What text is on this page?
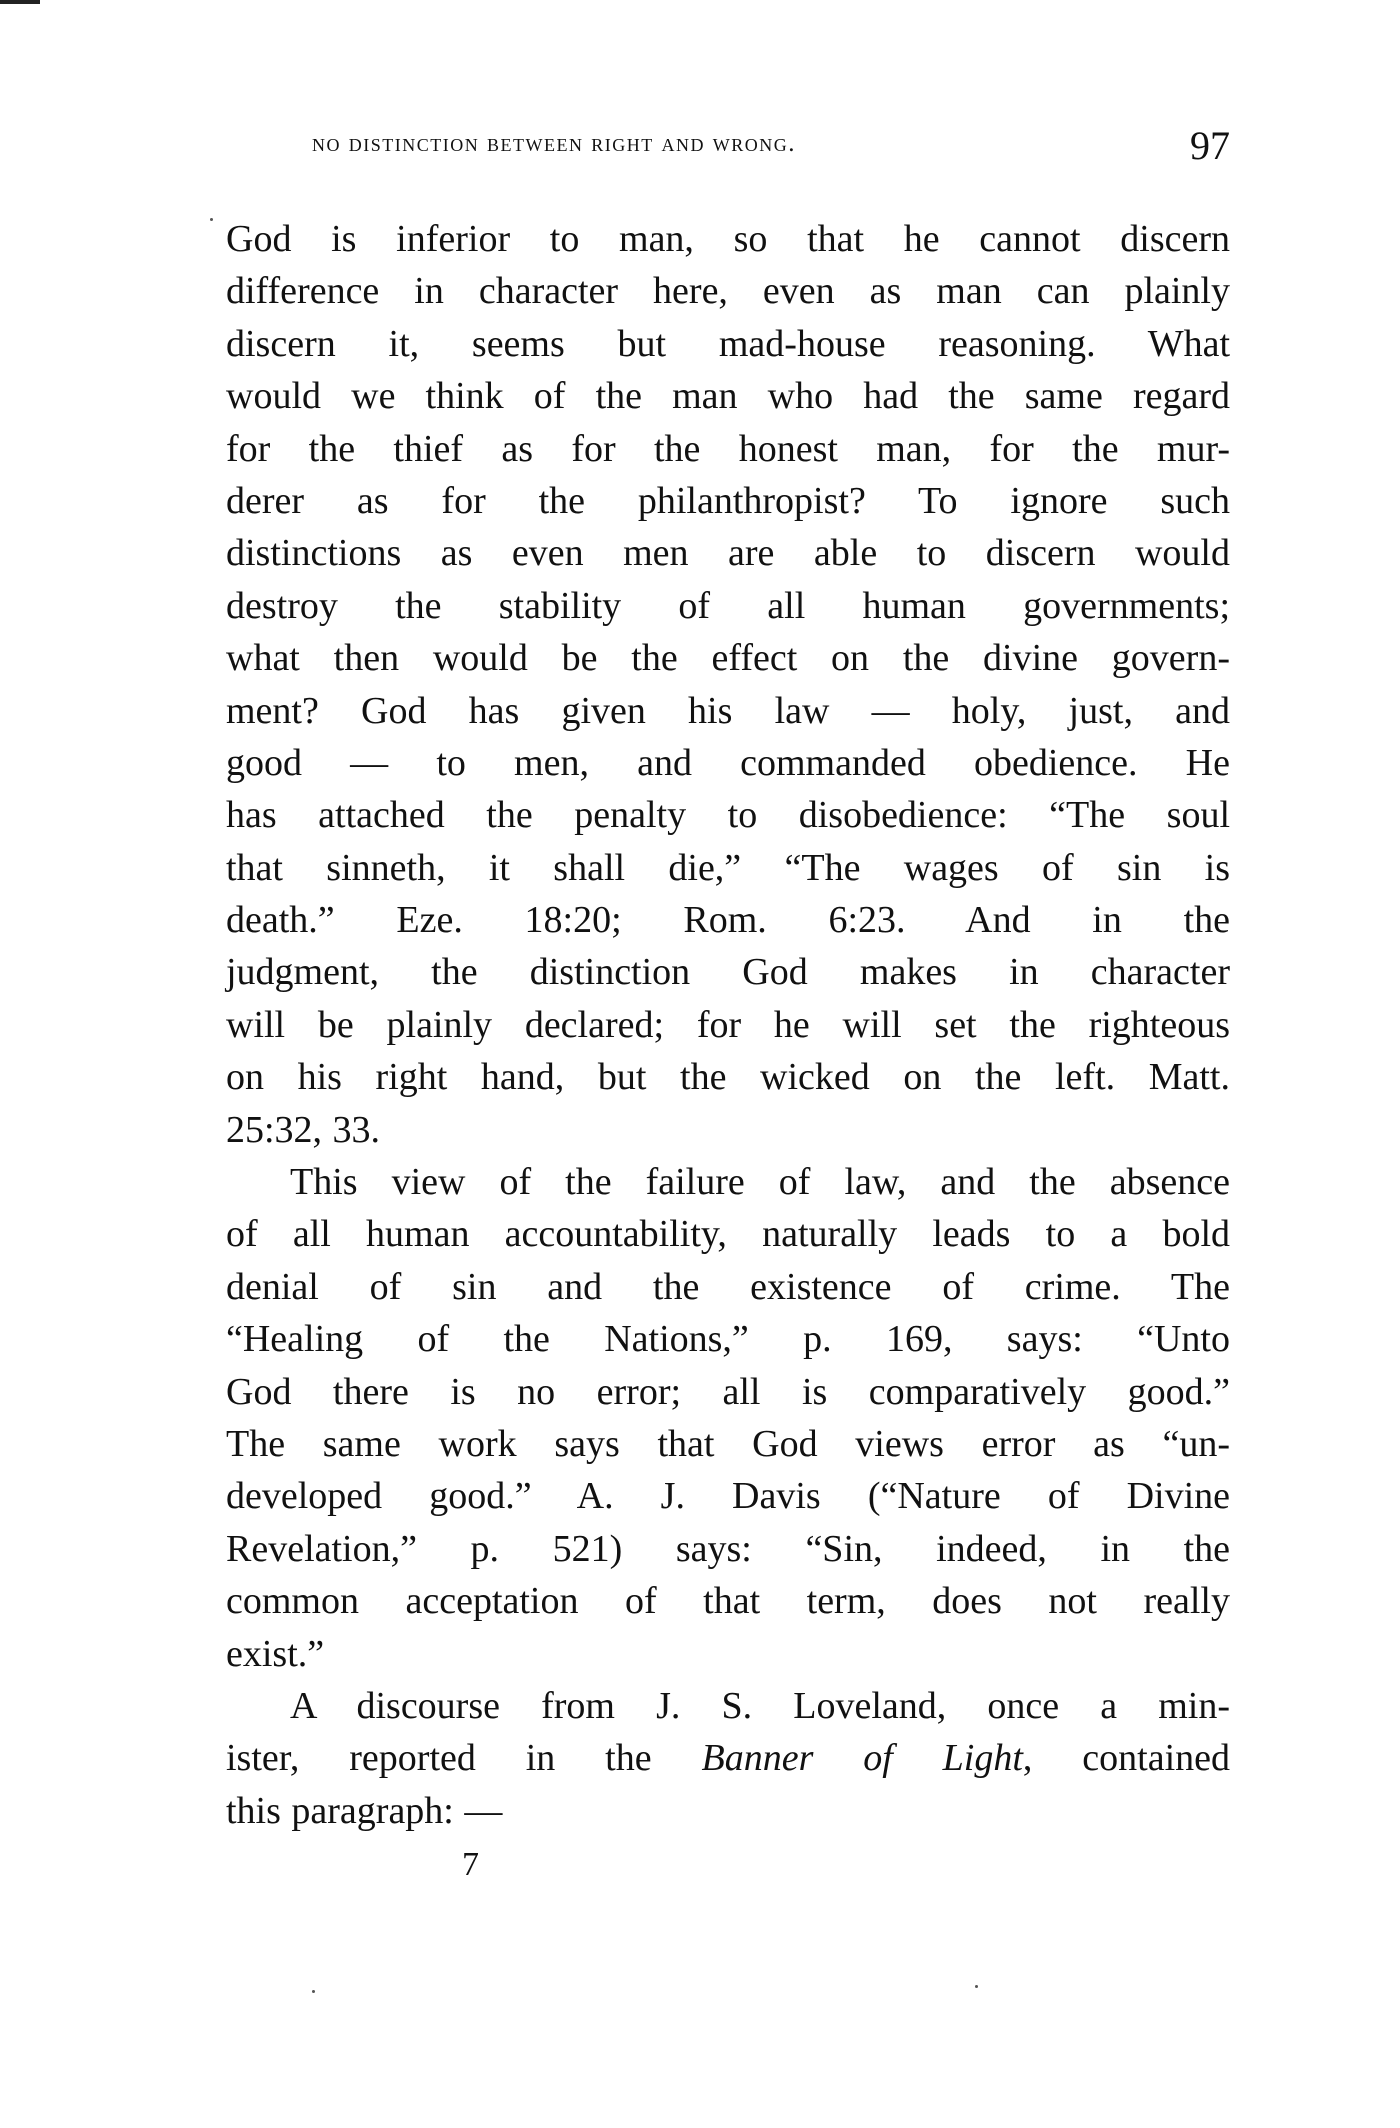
no distinction between right and wrong.	97
God is inferior to man, so that he cannot discern
difference in character here, even as man can plainly
discern it, seems but mad-house reasoning. What
would we think of the man who had the same regard
for the thief as for the honest man, for the mur-
derer as for the philanthropist? To ignore such
distinctions as even men are able to discern would
destroy the stability of all human governments;
what then would be the effect on the divine govern-
ment? God has given his law — holy, just, and
good — to men, and commanded obedience. He
has attached the penalty to disobedience: “The soul
that sinneth, it shall die,” “The wages of sin is
death.” Eze. 18:20; Rom. 6:23. And in the
judgment, the distinction God makes in character
will be plainly declared; for he will set the righteous
on his right hand, but the wicked on the left. Matt.
25:32, 33.
This view of the failure of law, and the absence
of all human accountability, naturally leads to a bold
denial of sin and the existence of crime. The
“Healing of the Nations,” p. 169, says: “Unto
God there is no error; all is comparatively good.”
The same work says that God views error as “un-
developed good.” A. J. Davis (“Nature of Divine
Revelation,” p. 521) says: “Sin, indeed, in the
common acceptation of that term, does not really
exist.”
A discourse from J. S. Loveland, once a min-
ister, reported in the Banner of Light, contained
this paragraph: —
7
